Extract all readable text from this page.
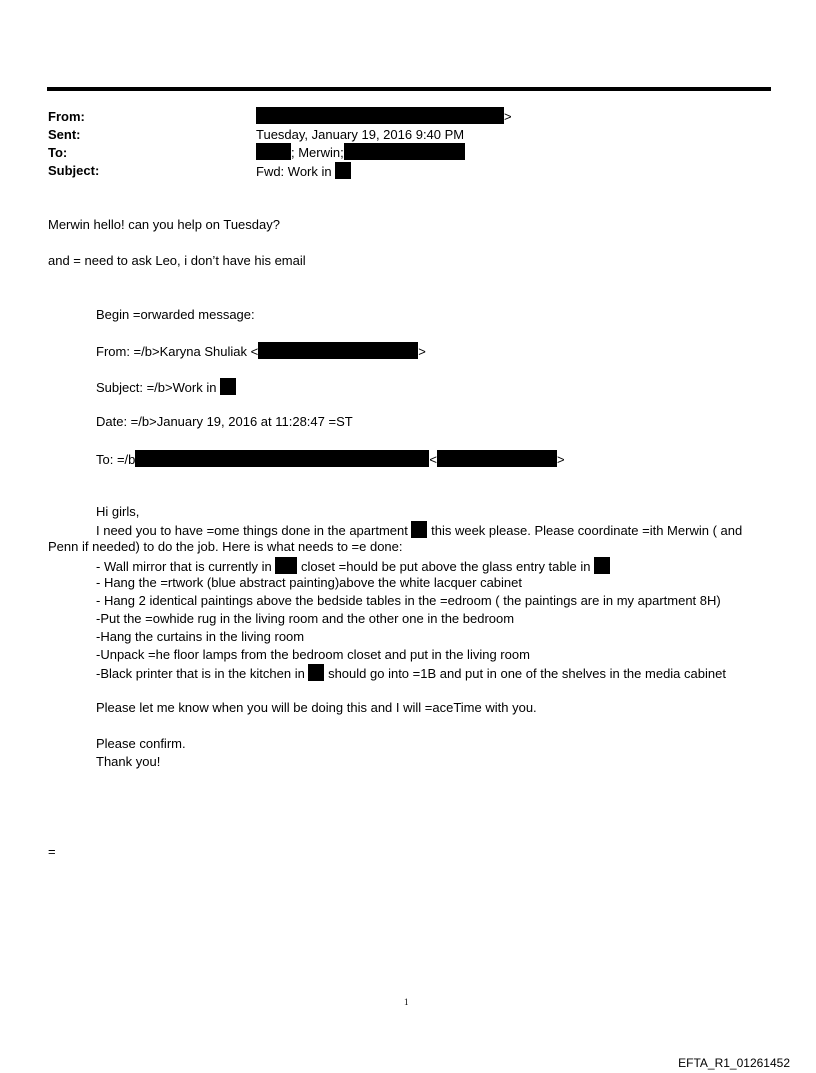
From:	>
Sent:	Tuesday, January 19, 2016 9:40 PM
To:	; Merwin;
Subject:	Fwd: Work in
Merwin hello! can you help on Tuesday?
and = need to ask Leo, i don’t have his email
Begin =orwarded message:
From: =/b>Karyna Shuliak <	>
Subject: =/b>Work in
Date: =/b>January 19, 2016 at 11:28:47 =ST
To: =/b	<	>
Hi girls,
I need you to have =ome things done in the apartment this week please. Please coordinate =ith Merwin ( and
Penn if needed) to do the job. Here is what needs to =e done:
- Wall mirror that is currently in closet =hould be put above the glass entry table in
- Hang the =rtwork (blue abstract painting)above the white lacquer cabinet
- Hang 2 identical paintings above the bedside tables in the =edroom ( the paintings are in my apartment 8H)
-Put the =owhide rug in the living room and the other one in the bedroom
-Hang the curtains in the living room
-Unpack =he floor lamps from the bedroom closet and put in the living room
-Black printer that is in the kitchen in should go into =1B and put in one of the shelves in the media cabinet
Please let me know when you will be doing this and I will =aceTime with you.
Please confirm.
Thank you!
=
1
EFTA_R1_01261452
